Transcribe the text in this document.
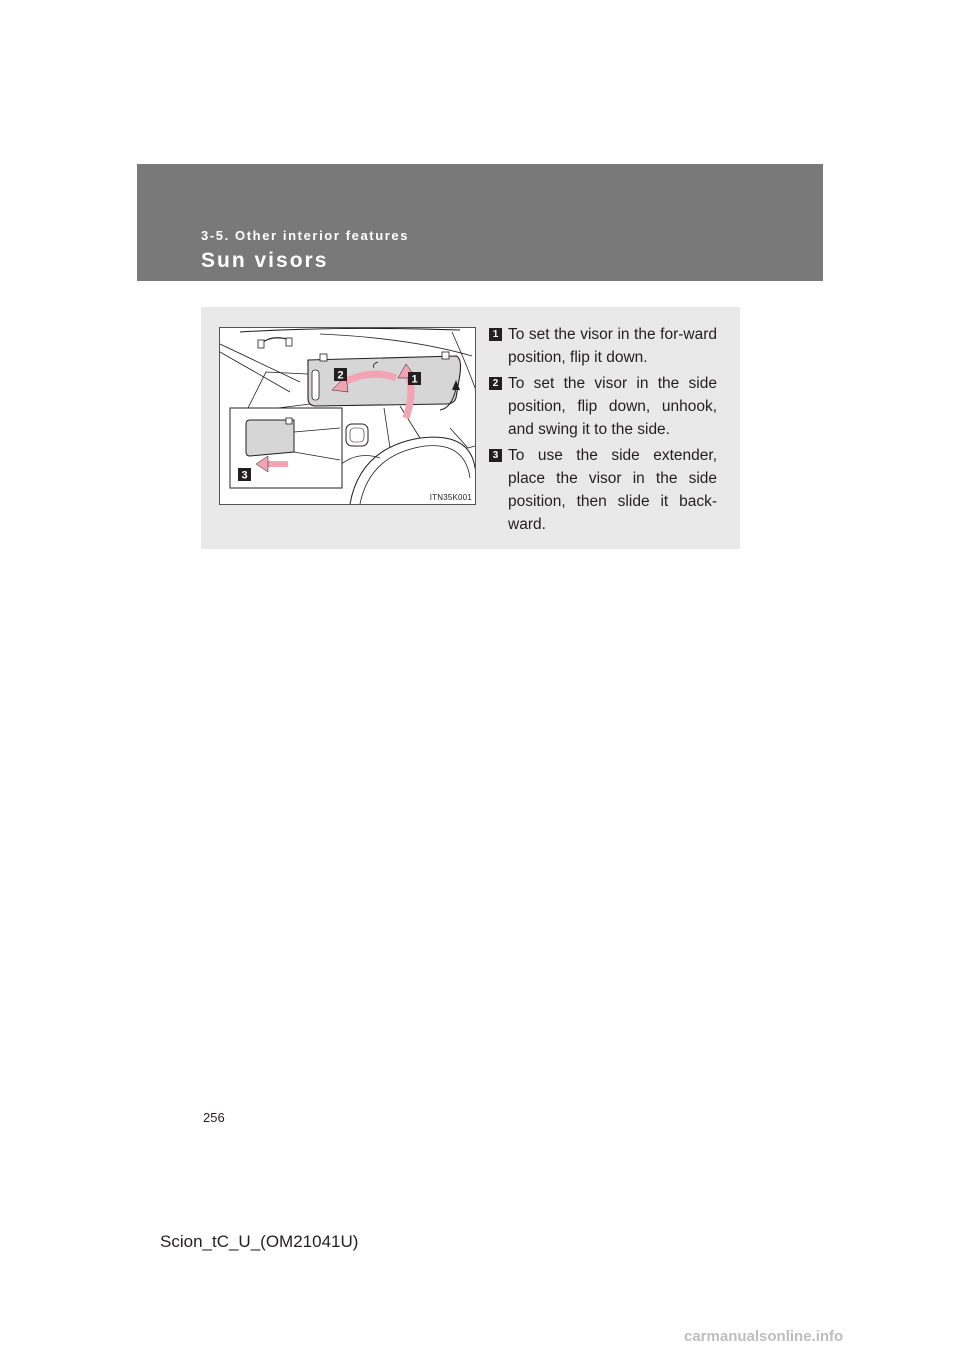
3-5. Other interior features
Sun visors
2	1
3
ITN35K001
1 To set the visor in the for-ward position, flip it down.
2 To set the visor in the side position, flip down, unhook, and swing it to the side.
3 To use the side extender, place the visor in the side position, then slide it back-ward.
256
Scion_tC_U_(OM21041U)
carmanualsonline.info
